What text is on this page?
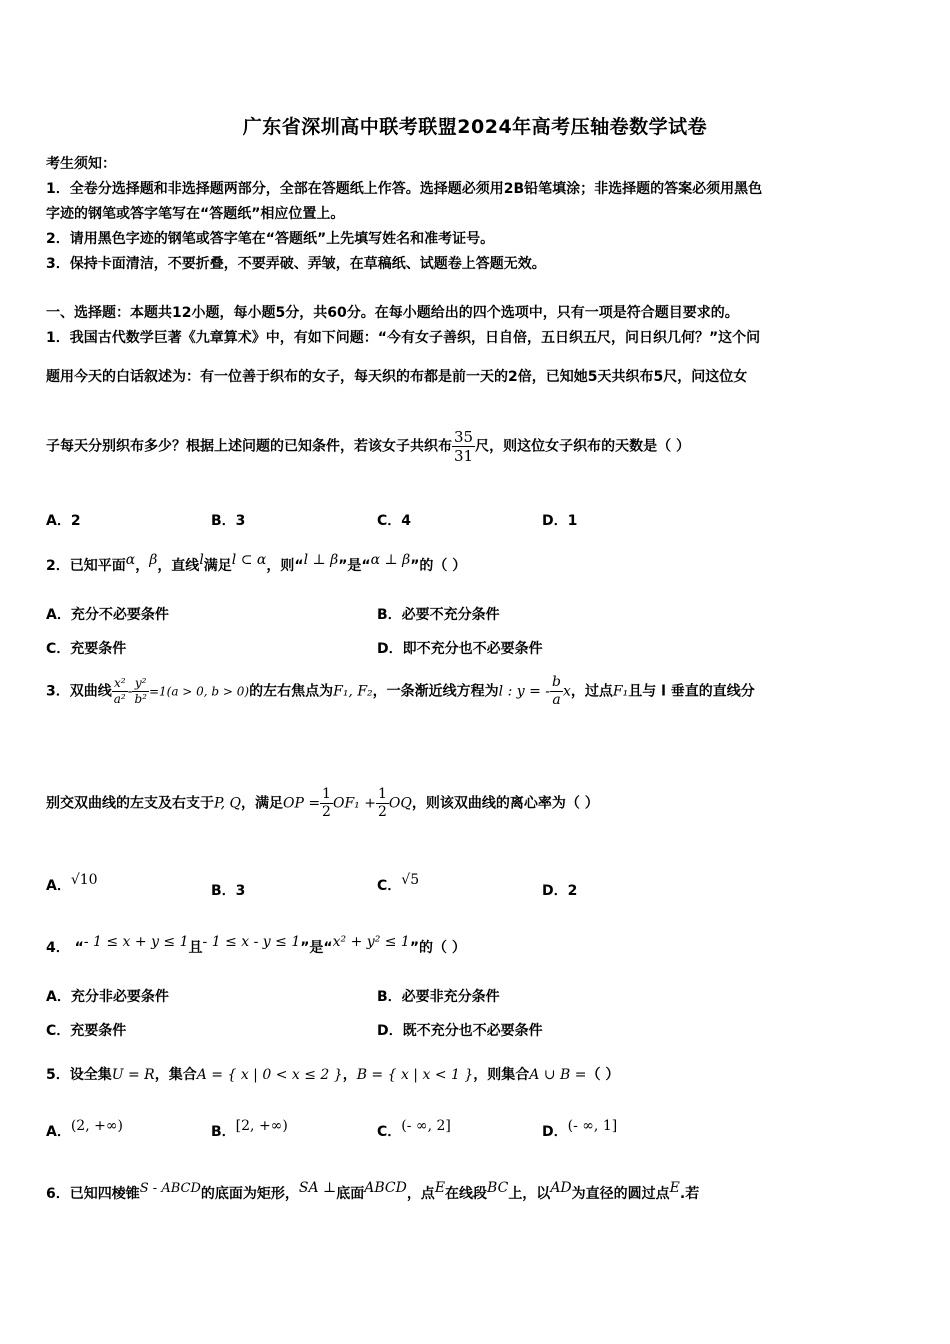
广东省深圳高中联考联盟2024年高考压轴卷数学试卷
考生须知：
1．全卷分选择题和非选择题两部分，全部在答题纸上作答。选择题必须用2B铅笔填涂；非选择题的答案必须用黑色
字迹的钢笔或答字笔写在“答题纸”相应位置上。
2．请用黑色字迹的钢笔或答字笔在“答题纸”上先填写姓名和准考证号。
3．保持卡面清洁，不要折叠，不要弄破、弄皱，在草稿纸、试题卷上答题无效。
一、选择题：本题共12小题，每小题5分，共60分。在每小题给出的四个选项中，只有一项是符合题目要求的。
1．我国古代数学巨著《九章算术》中，有如下问题：“今有女子善织，日自倍，五日织五尺，问日织几何？”这个问
题用今天的白话叙述为：有一位善于织布的女子，每天织的布都是前一天的2倍，已知她5天共织布5尺，问这位女
子每天分别织布多少？根据上述问题的已知条件，若该女子共织布 $\frac{35}{31}$ 尺，则这位女子织布的天数是（ ）
A．2	B．3	C．4	D．1
2．已知平面α，β，直线l满足l ⊂ α，则“l ⊥ β”是“α ⊥ β”的（ ）
A．充分不必要条件	B．必要不充分条件
C．充要条件	D．即不充分也不必要条件
3．双曲线 $\frac{\text{x²}}{\text{a²}} - \frac{\text{y²}}{\text{b²}} =1(a > 0$, b > 0)的左右焦点为F₁, F₂，一条渐近线方程为l : y = - $\frac{b}{a}$ x，过点F₁且与 l 垂直的直线分
别交双曲线的左支及右支于P, Q，满足OP = $\frac{1}{2} OF_1 + \frac{1}{2}$ OQ，则该双曲线的离心率为（ ）
A．√10
B．3	C．√5
D．2
4． “- 1 ≤ x + y ≤ 1且- 1 ≤ x - y ≤ 1”是“x² + y² ≤ 1”的（ ）
A．充分非必要条件	B．必要非充分条件
C．充要条件	D．既不充分也不必要条件
5．设全集U = R，集合A = { x | 0 < x ≤ 2 }，B = { x | x < 1 }，则集合A ∪ B =（ ）
A．(2, +∞)	B．[2, +∞)	C．(- ∞, 2]	D．(- ∞, 1]
6．已知四棱锥S - ABCD的底面为矩形，SA ⊥底面ABCD，点E在线段BC上，以AD为直径的圆过点E.若
